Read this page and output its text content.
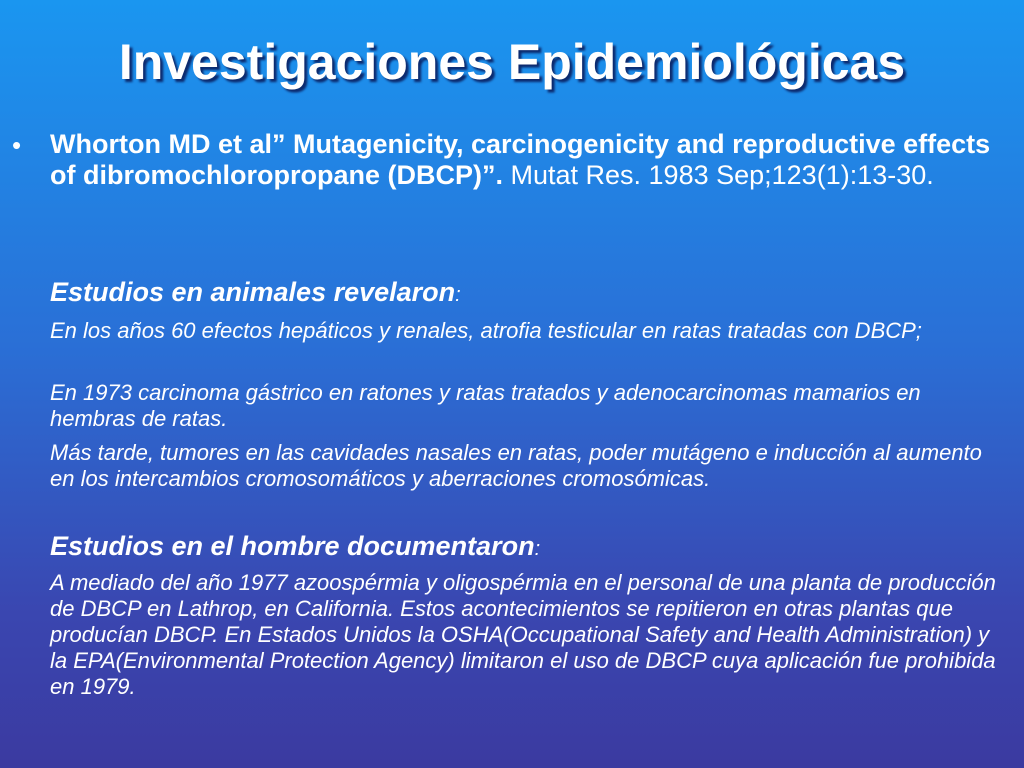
Investigaciones Epidemiológicas
• Whorton MD et al” Mutagenicity, carcinogenicity and reproductive effects of dibromochloropropane (DBCP)”. Mutat Res. 1983 Sep;123(1):13-30.
Estudios en animales revelaron:
En los años 60 efectos hepáticos y renales, atrofia testicular en ratas tratadas con DBCP;
En 1973 carcinoma gástrico en ratones y ratas tratados y adenocarcinomas mamarios en hembras de ratas.
Más tarde, tumores en las cavidades nasales en ratas, poder mutágeno e inducción al aumento en los intercambios cromosomáticos y aberraciones cromosómicas.
Estudios en el hombre documentaron:
A mediado del año 1977 azoospérmia y oligospérmia en el personal de una planta de producción de DBCP en Lathrop, en California. Estos acontecimientos se repitieron en otras plantas que producían DBCP. En Estados Unidos la OSHA(Occupational Safety and Health Administration) y la EPA(Environmental Protection Agency) limitaron el uso de DBCP cuya aplicación fue prohibida en 1979.
